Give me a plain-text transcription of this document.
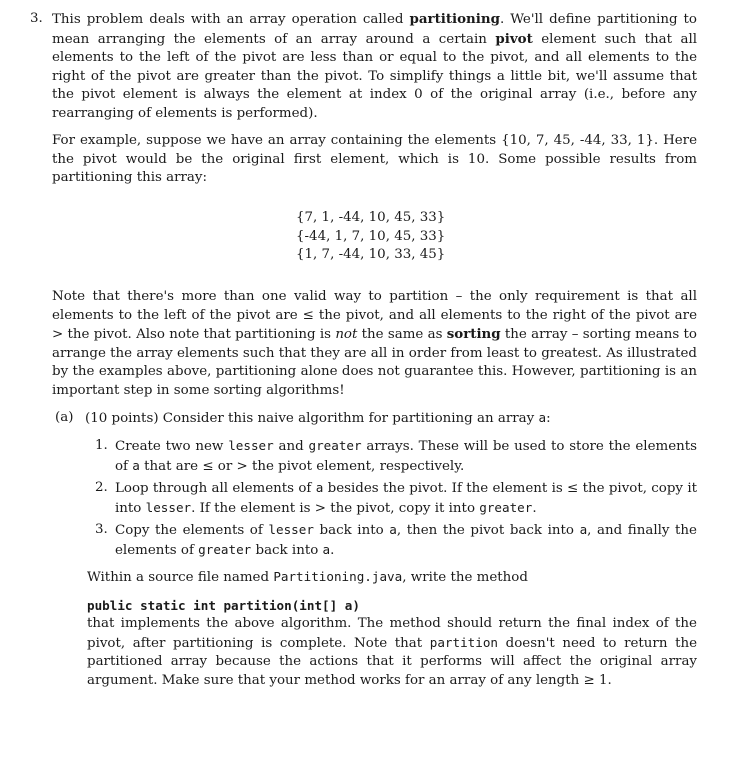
3. This problem deals with an array operation called partitioning. We'll define partitioning to mean arranging the elements of an array around a certain pivot element such that all elements to the left of the pivot are less than or equal to the pivot, and all elements to the right of the pivot are greater than the pivot. To simplify things a little bit, we'll assume that the pivot element is always the element at index 0 of the original array (i.e., before any rearranging of elements is performed).

For example, suppose we have an array containing the elements {10, 7, 45, -44, 33, 1}. Here the pivot would be the original first element, which is 10. Some possible results from partitioning this array:

{7, 1, -44, 10, 45, 33}
{-44, 1, 7, 10, 45, 33}
{1, 7, -44, 10, 33, 45}

Note that there's more than one valid way to partition – the only requirement is that all elements to the left of the pivot are ≤ the pivot, and all elements to the right of the pivot are > the pivot. Also note that partitioning is not the same as sorting the array – sorting means to arrange the array elements such that they are all in order from least to greatest. As illustrated by the examples above, partitioning alone does not guarantee this. However, partitioning is an important step in some sorting algorithms!

(a) (10 points) Consider this naive algorithm for partitioning an array a:

1. Create two new lesser and greater arrays. These will be used to store the elements of a that are ≤ or > the pivot element, respectively.

2. Loop through all elements of a besides the pivot. If the element is ≤ the pivot, copy it into lesser. If the element is > the pivot, copy it into greater.

3. Copy the elements of lesser back into a, then the pivot back into a, and finally the elements of greater back into a.

Within a source file named Partitioning.java, write the method

public static int partition(int[] a)

that implements the above algorithm. The method should return the final index of the pivot, after partitioning is complete. Note that partition doesn't need to return the partitioned array because the actions that it performs will affect the original array argument. Make sure that your method works for an array of any length ≥ 1.
